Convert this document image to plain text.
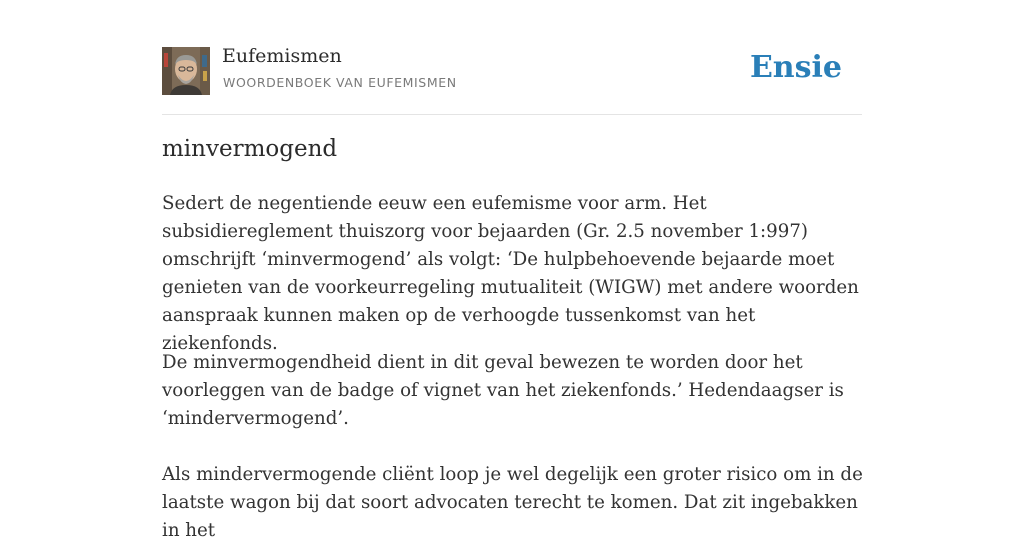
Eufemismen
WOORDENBOEK VAN EUFEMISMEN	Ensie
minvermogend

Sedert de negentiende eeuw een eufemisme voor arm. Het subsidiereglement thuiszorg voor bejaarden (Gr. 2.5 november 1:997) omschrijft ‘minvermogend’ als volgt: ‘De hulpbehoevende bejaarde moet genieten van de voorkeurregeling mutualiteit (WIGW) met andere woorden aanspraak kunnen maken op de verhoogde tussenkomst van het ziekenfonds.

De minvermogendheid dient in dit geval bewezen te worden door het voorleggen van de badge of vignet van het ziekenfonds.’ Hedendaagser is ‘mindervermogend’.

Als mindervermogende cliënt loop je wel degelijk een groter risico om in de laatste wagon bij dat soort advocaten terecht te komen. Dat zit ingebakken in het
